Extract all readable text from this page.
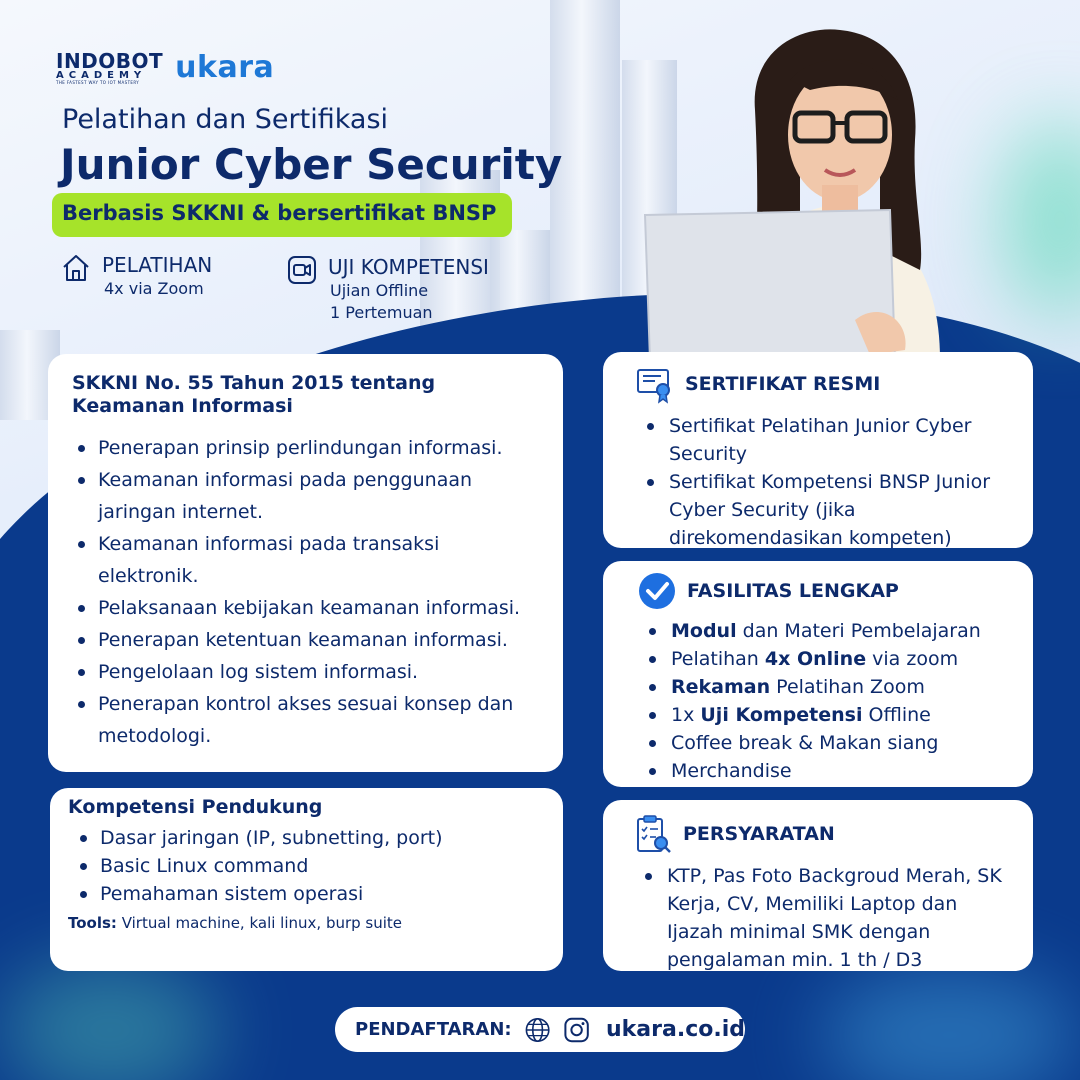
INDOBOT
ACADEMY
THE FASTEST WAY TO IOT MASTERY	ukara
Pelatihan dan Sertifikasi
Junior Cyber Security
Berbasis SKKNI & bersertifikat BNSP
PELATIHAN
4x via Zoom
UJI KOMPETENSI
Ujian Offline
1 Pertemuan
SKKNI No. 55 Tahun 2015 tentang
Keamanan Informasi
Penerapan prinsip perlindungan informasi.
Keamanan informasi pada penggunaan jaringan internet.
Keamanan informasi pada transaksi elektronik.
Pelaksanaan kebijakan keamanan informasi.
Penerapan ketentuan keamanan informasi.
Pengelolaan log sistem informasi.
Penerapan kontrol akses sesuai konsep dan metodologi.
Kompetensi Pendukung
Dasar jaringan (IP, subnetting, port)
Basic Linux command
Pemahaman sistem operasi
Tools: Virtual machine, kali linux, burp suite
SERTIFIKAT RESMI
Sertifikat Pelatihan Junior Cyber Security
Sertifikat Kompetensi BNSP Junior Cyber Security (jika direkomendasikan kompeten)
FASILITAS LENGKAP
Modul dan Materi Pembelajaran
Pelatihan 4x Online via zoom
Rekaman Pelatihan Zoom
1x Uji Kompetensi Offline
Coffee break & Makan siang
Merchandise
PERSYARATAN
KTP, Pas Foto Backgroud Merah, SK Kerja, CV, Memiliki Laptop dan Ijazah minimal SMK dengan pengalaman min. 1 th / D3
PENDAFTARAN:	ukara.co.id
